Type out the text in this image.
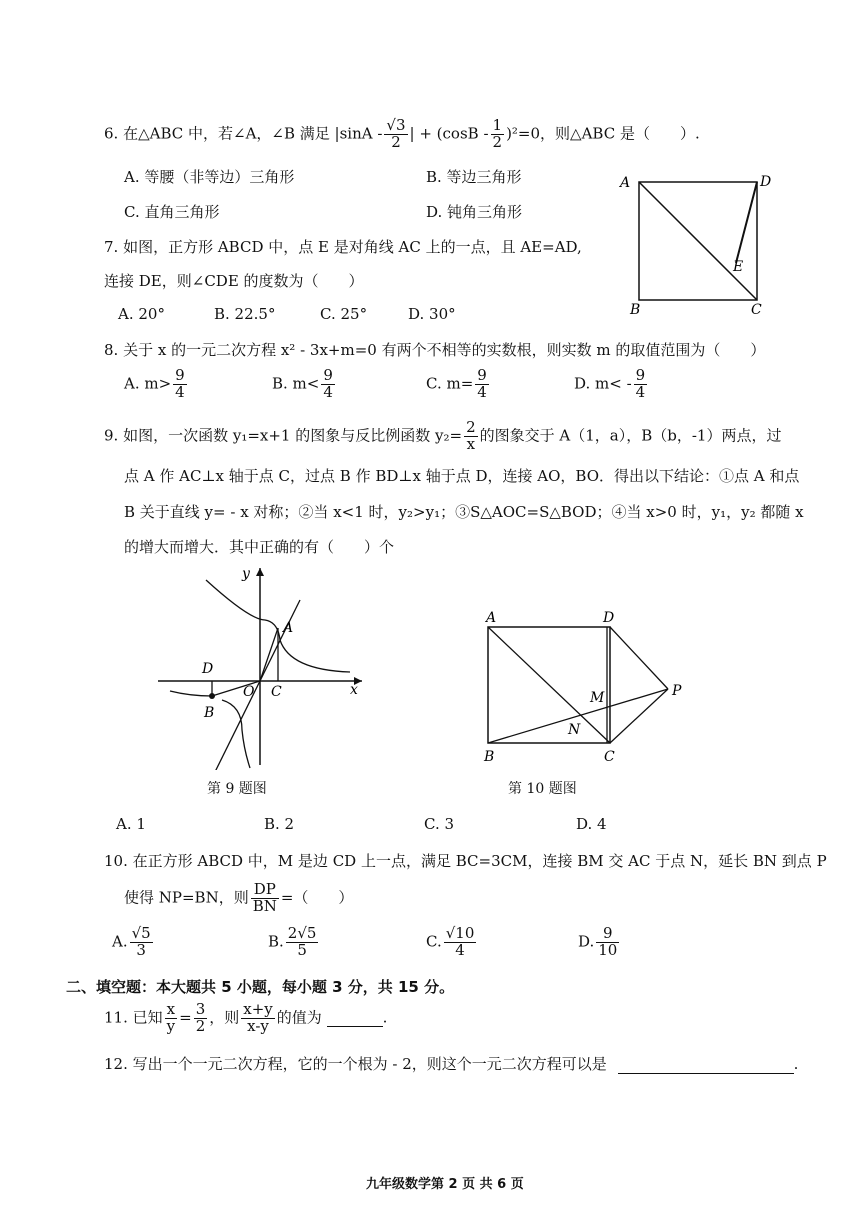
6. 在△ABC 中，若∠A，∠B 满足 $|\sin A - \frac{√3}{2}$ | + $(\cos B - \frac{1}{2} )^2=0$，则△ABC 是（　　）.
A. 等腰（非等边）三角形	B. 等边三角形
C. 直角三角形	D. 钝角三角形
A	D
E
B	C
7. 如图，正方形 ABCD 中，点 E 是对角线 AC 上的一点，且 AE=AD,
连接 DE，则∠CDE 的度数为（　　）
A. 20°	B. 22.5°	C. 25°	D. 30°
8. 关于 x 的一元二次方程 x² - 3x+m=0 有两个不相等的实数根，则实数 m 的取值范围为（　　）
A. $m> \frac{9}{4}$	B. $m< \frac{9}{4}$	C. $m= \frac{9}{4}$	D. $m< - \frac{9}{4}$
9. 如图，一次函数 y₁=x+1 的图象与反比例函数 $y_2= \frac{2}{x}$ 的图象交于 A（1，a），B（b，-1）两点，过
点 A 作 AC⊥x 轴于点 C，过点 B 作 BD⊥x 轴于点 D，连接 AO，BO．得出以下结论：①点 A 和点
B 关于直线 y= - x 对称；②当 x<1 时，y₂>y₁；③S△AOC=S△BOD；④当 x>0 时，y₁，y₂ 都随 x
的增大而增大．其中正确的有（　　）个
y
A
D
O C	x
B
第 9 题图
A	D
M	P
N
B	C
第 10 题图
A. 1	B. 2	C. 3	D. 4
10. 在正方形 ABCD 中，M 是边 CD 上一点，满足 BC=3CM，连接 BM 交 AC 于点 N，延长 BN 到点 P
使得 NP=BN，则 $\frac{DP}{BN}$ =（　　）
A. $\frac{√5}{3}$	B. $\frac{2√5}{5}$	C. $\frac{√10}{4}$	D. $\frac{9}{10}$
二、填空题：本大题共 5 小题，每小题 3 分，共 15 分。
11. 已知 $\frac{x}{y} = \frac{3}{2}$ ，则 $\frac{x+y}{x-y}$ 的值为	.
12. 写出一个一元二次方程，它的一个根为 - 2，则这个一元二次方程可以是	.
九年级数学第 2 页 共 6 页
